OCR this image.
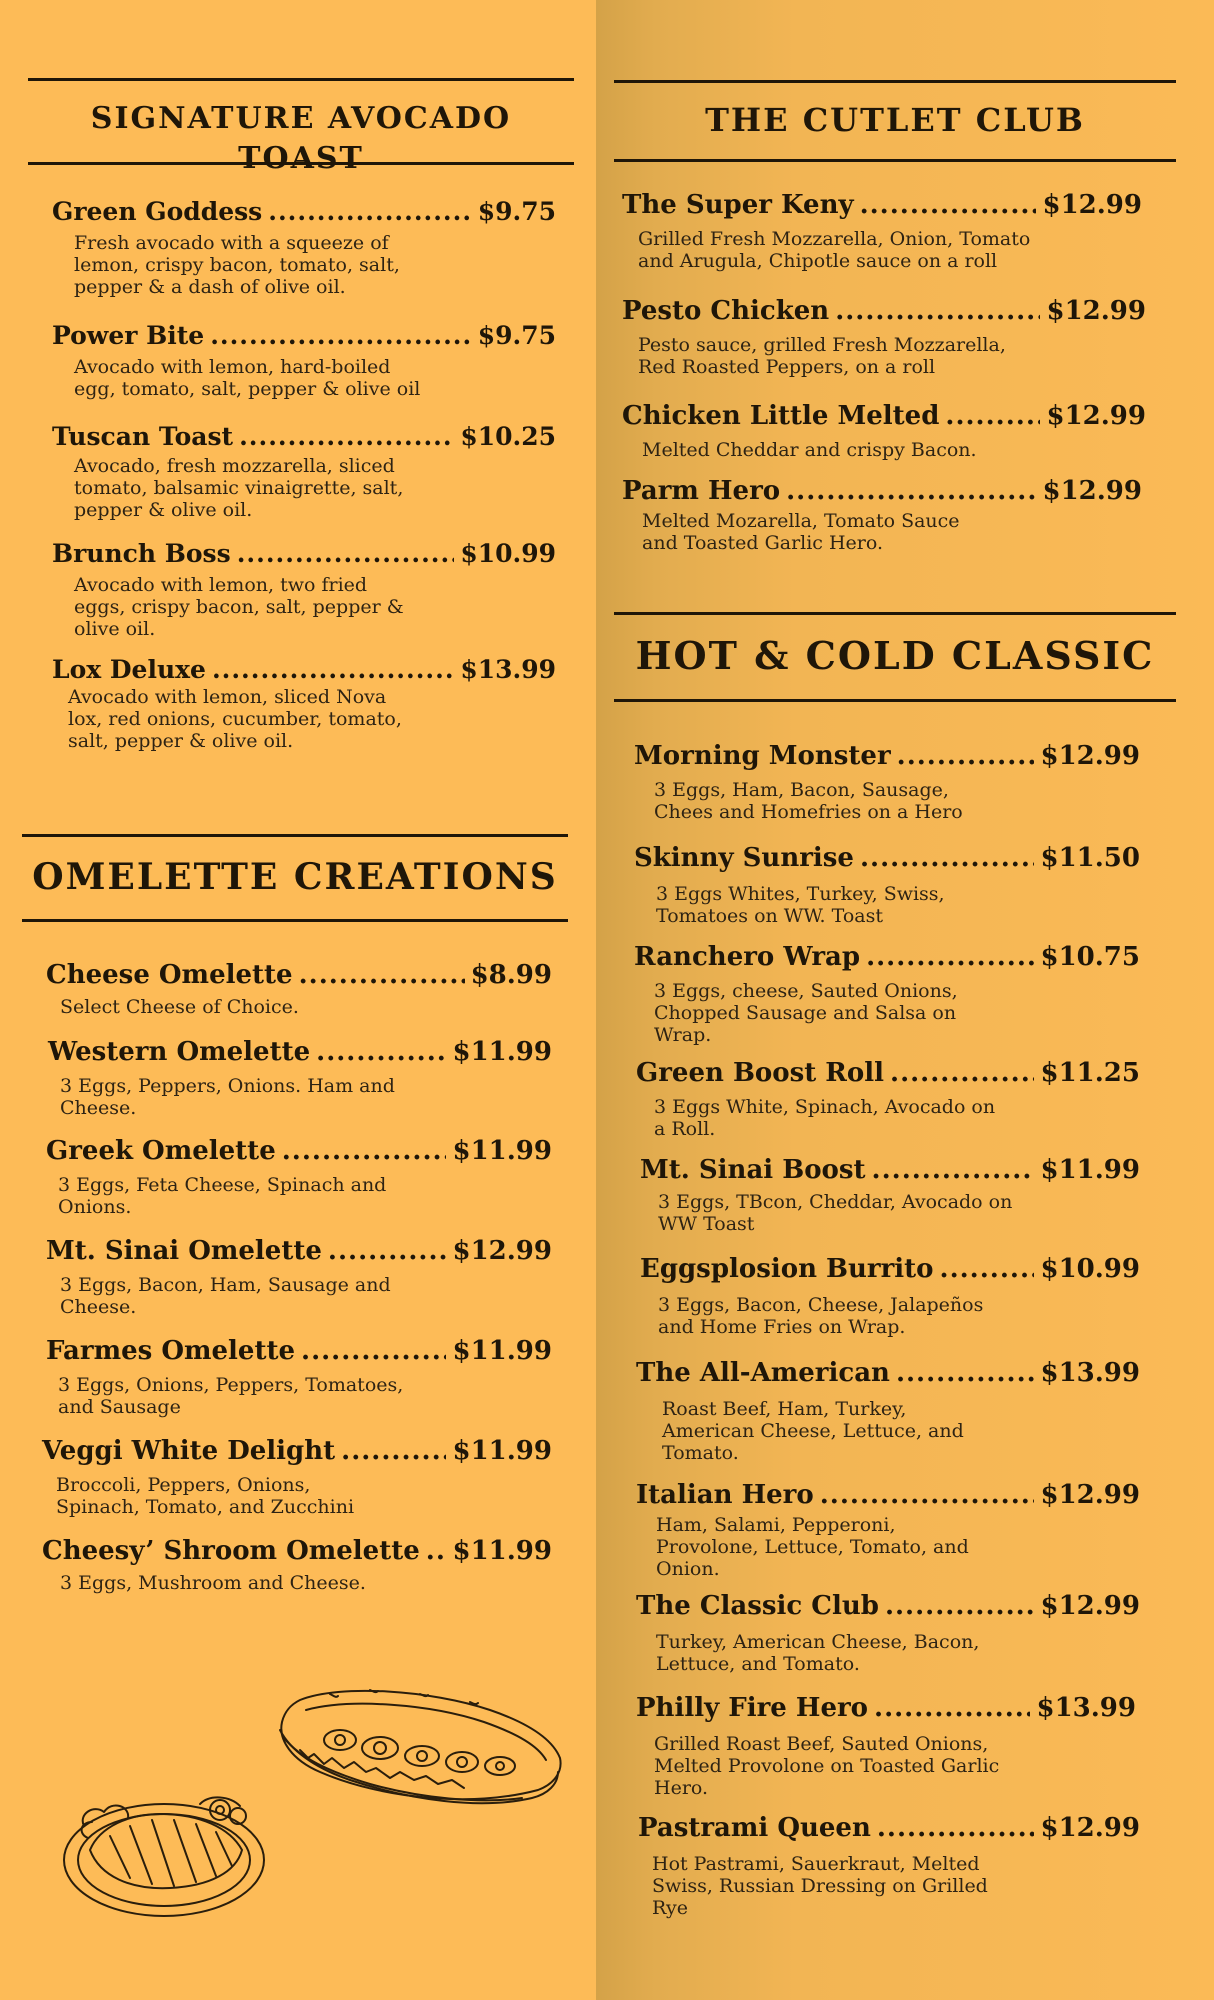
SIGNATURE AVOCADO TOAST
Green Goddess .....	$9.75
Fresh avocado with a squeeze of
lemon, crispy bacon, tomato, salt,
pepper & a dash of olive oil.
Power Bite .....	$9.75
Avocado with lemon, hard-boiled
egg, tomato, salt, pepper & olive oil
Tuscan Toast .....	$10.25
Avocado, fresh mozzarella, sliced
tomato, balsamic vinaigrette, salt,
pepper & olive oil.
Brunch Boss .....	$10.99
Avocado with lemon, two fried
eggs, crispy bacon, salt, pepper &
olive oil.
Lox Deluxe .....	$13.99
Avocado with lemon, sliced Nova
lox, red onions, cucumber, tomato,
salt, pepper & olive oil.
OMELETTE CREATIONS
Cheese Omelette .....	$8.99
Select Cheese of Choice.
Western Omelette .....	$11.99
3 Eggs, Peppers, Onions. Ham and
Cheese.
Greek Omelette .....	$11.99
3 Eggs, Feta Cheese, Spinach and
Onions.
Mt. Sinai Omelette .....	$12.99
3 Eggs, Bacon, Ham, Sausage and
Cheese.
Farmes Omelette .....	$11.99
3 Eggs, Onions, Peppers, Tomatoes,
and Sausage
Veggi White Delight .....	$11.99
Broccoli, Peppers, Onions,
Spinach, Tomato, and Zucchini
Cheesy’ Shroom Omelette ..... $11.99
3 Eggs, Mushroom and Cheese.
THE CUTLET CLUB
The Super Keny .....	$12.99
Grilled Fresh Mozzarella, Onion, Tomato
and Arugula, Chipotle sauce on a roll
Pesto Chicken .....	$12.99
Pesto sauce, grilled Fresh Mozzarella,
Red Roasted Peppers, on a roll
Chicken Little Melted .....	$12.99
Melted Cheddar and crispy Bacon.
Parm Hero .....	$12.99
Melted Mozarella, Tomato Sauce
and Toasted Garlic Hero.
HOT & COLD CLASSIC
Morning Monster .....	$12.99
3 Eggs, Ham, Bacon, Sausage,
Chees and Homefries on a Hero
Skinny Sunrise .....	$11.50
3 Eggs Whites, Turkey, Swiss,
Tomatoes on WW. Toast
Ranchero Wrap .....	$10.75
3 Eggs, cheese, Sauted Onions,
Chopped Sausage and Salsa on
Wrap.
Green Boost Roll .....	$11.25
3 Eggs White, Spinach, Avocado on
a Roll.
Mt. Sinai Boost .....	$11.99
3 Eggs, TBcon, Cheddar, Avocado on
WW Toast
Eggsplosion Burrito .....	$10.99
3 Eggs, Bacon, Cheese, Jalapeños
and Home Fries on Wrap.
The All-American .....	$13.99
Roast Beef, Ham, Turkey,
American Cheese, Lettuce, and
Tomato.
Italian Hero .....	$12.99
Ham, Salami, Pepperoni,
Provolone, Lettuce, Tomato, and
Onion.
The Classic Club .....	$12.99
Turkey, American Cheese, Bacon,
Lettuce, and Tomato.
Philly Fire Hero .....	$13.99
Grilled Roast Beef, Sauted Onions,
Melted Provolone on Toasted Garlic
Hero.
Pastrami Queen .....	$12.99
Hot Pastrami, Sauerkraut, Melted
Swiss, Russian Dressing on Grilled
Rye
